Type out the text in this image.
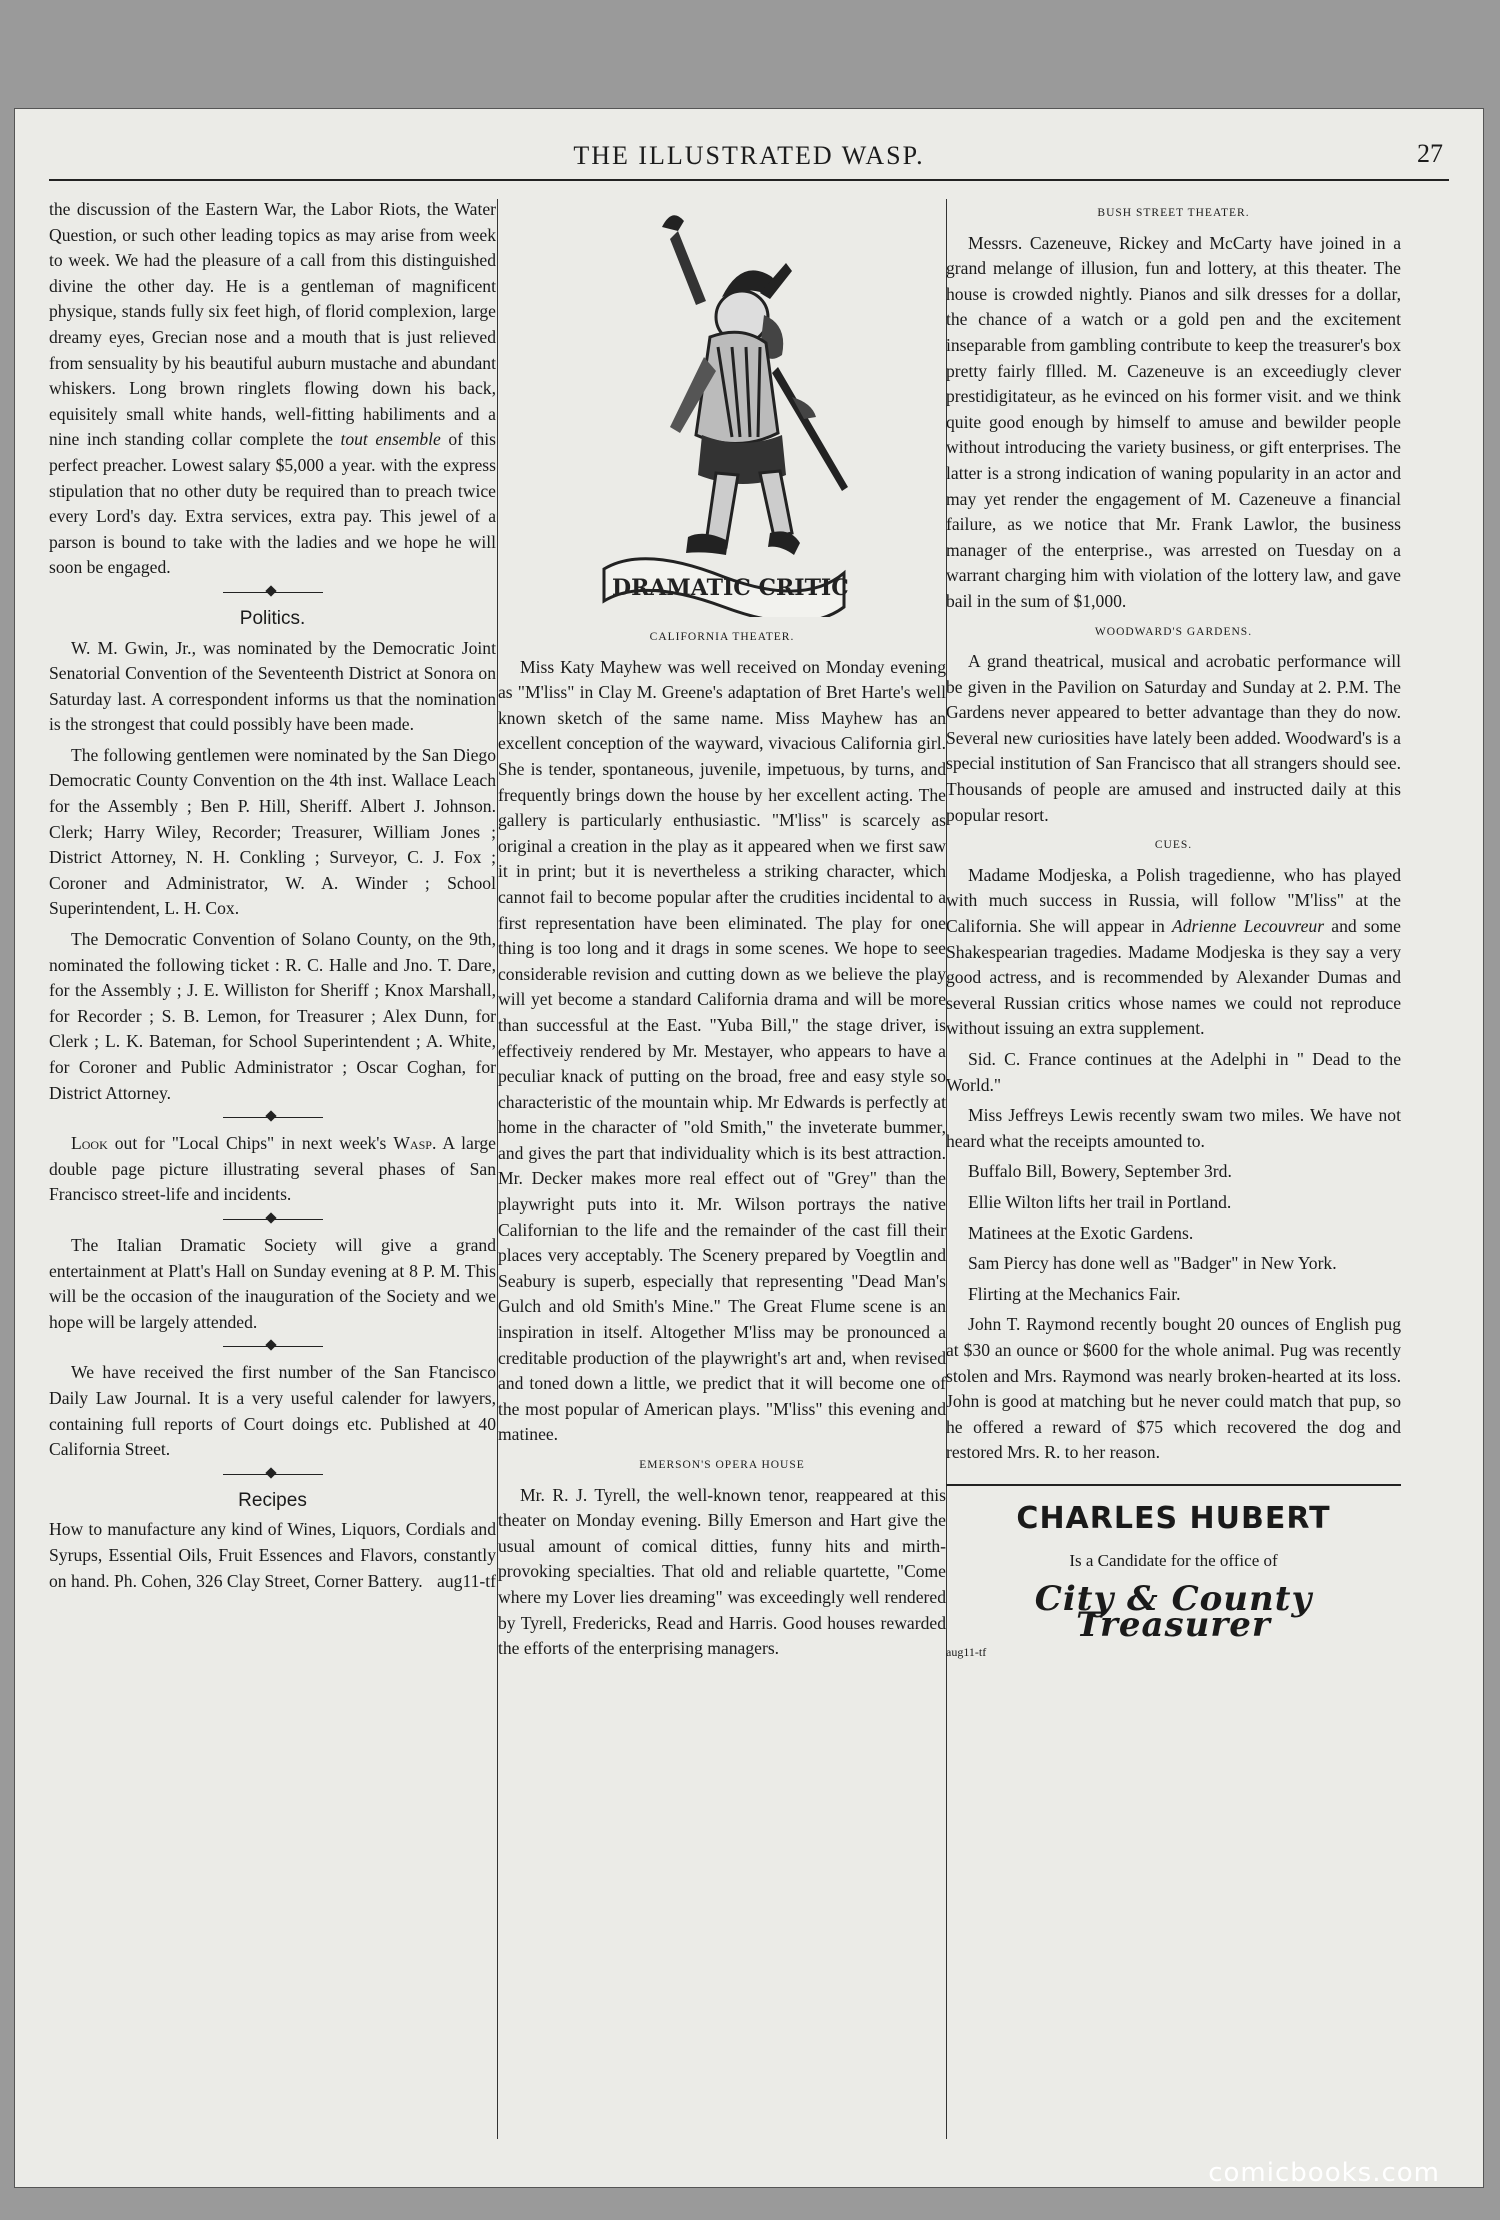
THE ILLUSTRATED WASP.	27

the discussion of the Eastern War, the Labor Riots, the Water Question, or such other leading topics as may arise from week to week. We had the pleasure of a call from this distinguished divine the other day. He is a gentleman of magnificent physique, stands fully six feet high, of florid complexion, large dreamy eyes, Grecian nose and a mouth that is just relieved from sensuality by his beautiful auburn mustache and abundant whiskers. Long brown ringlets flowing down his back, equisitely small white hands, well-fitting habiliments and a nine inch standing collar complete the tout ensemble of this perfect preacher. Lowest salary $5,000 a year. with the express stipulation that no other duty be required than to preach twice every Lord's day. Extra services, extra pay. This jewel of a parson is bound to take with the ladies and we hope he will soon be engaged.

Politics.

W. M. Gwin, Jr., was nominated by the Democratic Joint Senatorial Convention of the Seventeenth District at Sonora on Saturday last. A correspondent informs us that the nomination is the strongest that could possibly have been made.

The following gentlemen were nominated by the San Diego Democratic County Convention on the 4th inst. Wallace Leach for the Assembly ; Ben P. Hill, Sheriff. Albert J. Johnson. Clerk; Harry Wiley, Recorder; Treasurer, William Jones ; District Attorney, N. H. Conkling ; Surveyor, C. J. Fox ; Coroner and Administrator, W. A. Winder ; School Superintendent, L. H. Cox.

The Democratic Convention of Solano County, on the 9th, nominated the following ticket : R. C. Halle and Jno. T. Dare, for the Assembly ; J. E. Williston for Sheriff ; Knox Marshall, for Recorder ; S. B. Lemon, for Treasurer ; Alex Dunn, for Clerk ; L. K. Bateman, for School Superintendent ; A. White, for Coroner and Public Administrator ; Oscar Coghan, for District Attorney.

Look out for "Local Chips" in next week's Wasp. A large double page picture illustrating several phases of San Francisco street-life and incidents.

The Italian Dramatic Society will give a grand entertainment at Platt's Hall on Sunday evening at 8 P. M. This will be the occasion of the inauguration of the Society and we hope will be largely attended.

We have received the first number of the San Ftancisco Daily Law Journal. It is a very useful calender for lawyers, containing full reports of Court doings etc. Published at 40 California Street.

Recipes

How to manufacture any kind of Wines, Liquors, Cordials and Syrups, Essential Oils, Fruit Essences and Flavors, constantly on hand. Ph. Cohen, 326 Clay Street, Corner Battery. aug11-tf

DRAMATIC CRITIC
CALIFORNIA THEATER.

Miss Katy Mayhew was well received on Monday evening as "M'liss" in Clay M. Greene's adaptation of Bret Harte's well known sketch of the same name. Miss Mayhew has an excellent conception of the wayward, vivacious California girl. She is tender, spontaneous, juvenile, impetuous, by turns, and frequently brings down the house by her excellent acting. The gallery is particularly enthusiastic. "M'liss" is scarcely as original a creation in the play as it appeared when we first saw it in print; but it is nevertheless a striking character, which cannot fail to become popular after the crudities incidental to a first representation have been eliminated. The play for one thing is too long and it drags in some scenes. We hope to see considerable revision and cutting down as we believe the play will yet become a standard California drama and will be more than successful at the East. "Yuba Bill," the stage driver, is effectiveiy rendered by Mr. Mestayer, who appears to have a peculiar knack of putting on the broad, free and easy style so characteristic of the mountain whip. Mr Edwards is perfectly at home in the character of "old Smith," the inveterate bummer, and gives the part that individuality which is its best attraction. Mr. Decker makes more real effect out of "Grey" than the playwright puts into it. Mr. Wilson portrays the native Californian to the life and the remainder of the cast fill their places very acceptably. The Scenery prepared by Voegtlin and Seabury is superb, especially that representing "Dead Man's Gulch and old Smith's Mine." The Great Flume scene is an inspiration in itself. Altogether M'liss may be pronounced a creditable production of the playwright's art and, when revised and toned down a little, we predict that it will become one of the most popular of American plays. "M'liss" this evening and matinee.

EMERSON'S OPERA HOUSE

Mr. R. J. Tyrell, the well-known tenor, reappeared at this theater on Monday evening. Billy Emerson and Hart give the usual amount of comical ditties, funny hits and mirth-provoking specialties. That old and reliable quartette, "Come where my Lover lies dreaming" was exceedingly well rendered by Tyrell, Fredericks, Read and Harris. Good houses rewarded the efforts of the enterprising managers.

BUSH STREET THEATER.

Messrs. Cazeneuve, Rickey and McCarty have joined in a grand melange of illusion, fun and lottery, at this theater. The house is crowded nightly. Pianos and silk dresses for a dollar, the chance of a watch or a gold pen and the excitement inseparable from gambling contribute to keep the treasurer's box pretty fairly fllled. M. Cazeneuve is an exceediugly clever prestidigitateur, as he evinced on his former visit. and we think quite good enough by himself to amuse and bewilder people without introducing the variety business, or gift enterprises. The latter is a strong indication of waning popularity in an actor and may yet render the engagement of M. Cazeneuve a financial failure, as we notice that Mr. Frank Lawlor, the business manager of the enterprise., was arrested on Tuesday on a warrant charging him with violation of the lottery law, and gave bail in the sum of $1,000.

WOODWARD'S GARDENS.

A grand theatrical, musical and acrobatic performance will be given in the Pavilion on Saturday and Sunday at 2. P.M. The Gardens never appeared to better advantage than they do now. Several new curiosities have lately been added. Woodward's is a special institution of San Francisco that all strangers should see. Thousands of people are amused and instructed daily at this popular resort.

CUES.

Madame Modjeska, a Polish tragedienne, who has played with much success in Russia, will follow "M'liss" at the California. She will appear in Adrienne Lecouvreur and some Shakespearian tragedies. Madame Modjeska is they say a very good actress, and is recommended by Alexander Dumas and several Russian critics whose names we could not reproduce without issuing an extra supplement.

Sid. C. France continues at the Adelphi in " Dead to the World."

Miss Jeffreys Lewis recently swam two miles. We have not heard what the receipts amounted to.

Buffalo Bill, Bowery, September 3rd.

Ellie Wilton lifts her trail in Portland.

Matinees at the Exotic Gardens.

Sam Piercy has done well as "Badger" in New York.

Flirting at the Mechanics Fair.

John T. Raymond recently bought 20 ounces of English pug at $30 an ounce or $600 for the whole animal. Pug was recently stolen and Mrs. Raymond was nearly broken-hearted at its loss. John is good at matching but he never could match that pup, so he offered a reward of $75 which recovered the dog and restored Mrs. R. to her reason.

CHARLES HUBERT
Is a Candidate for the office of
City & County Treasurer
aug11-tf
comicbooks.com
